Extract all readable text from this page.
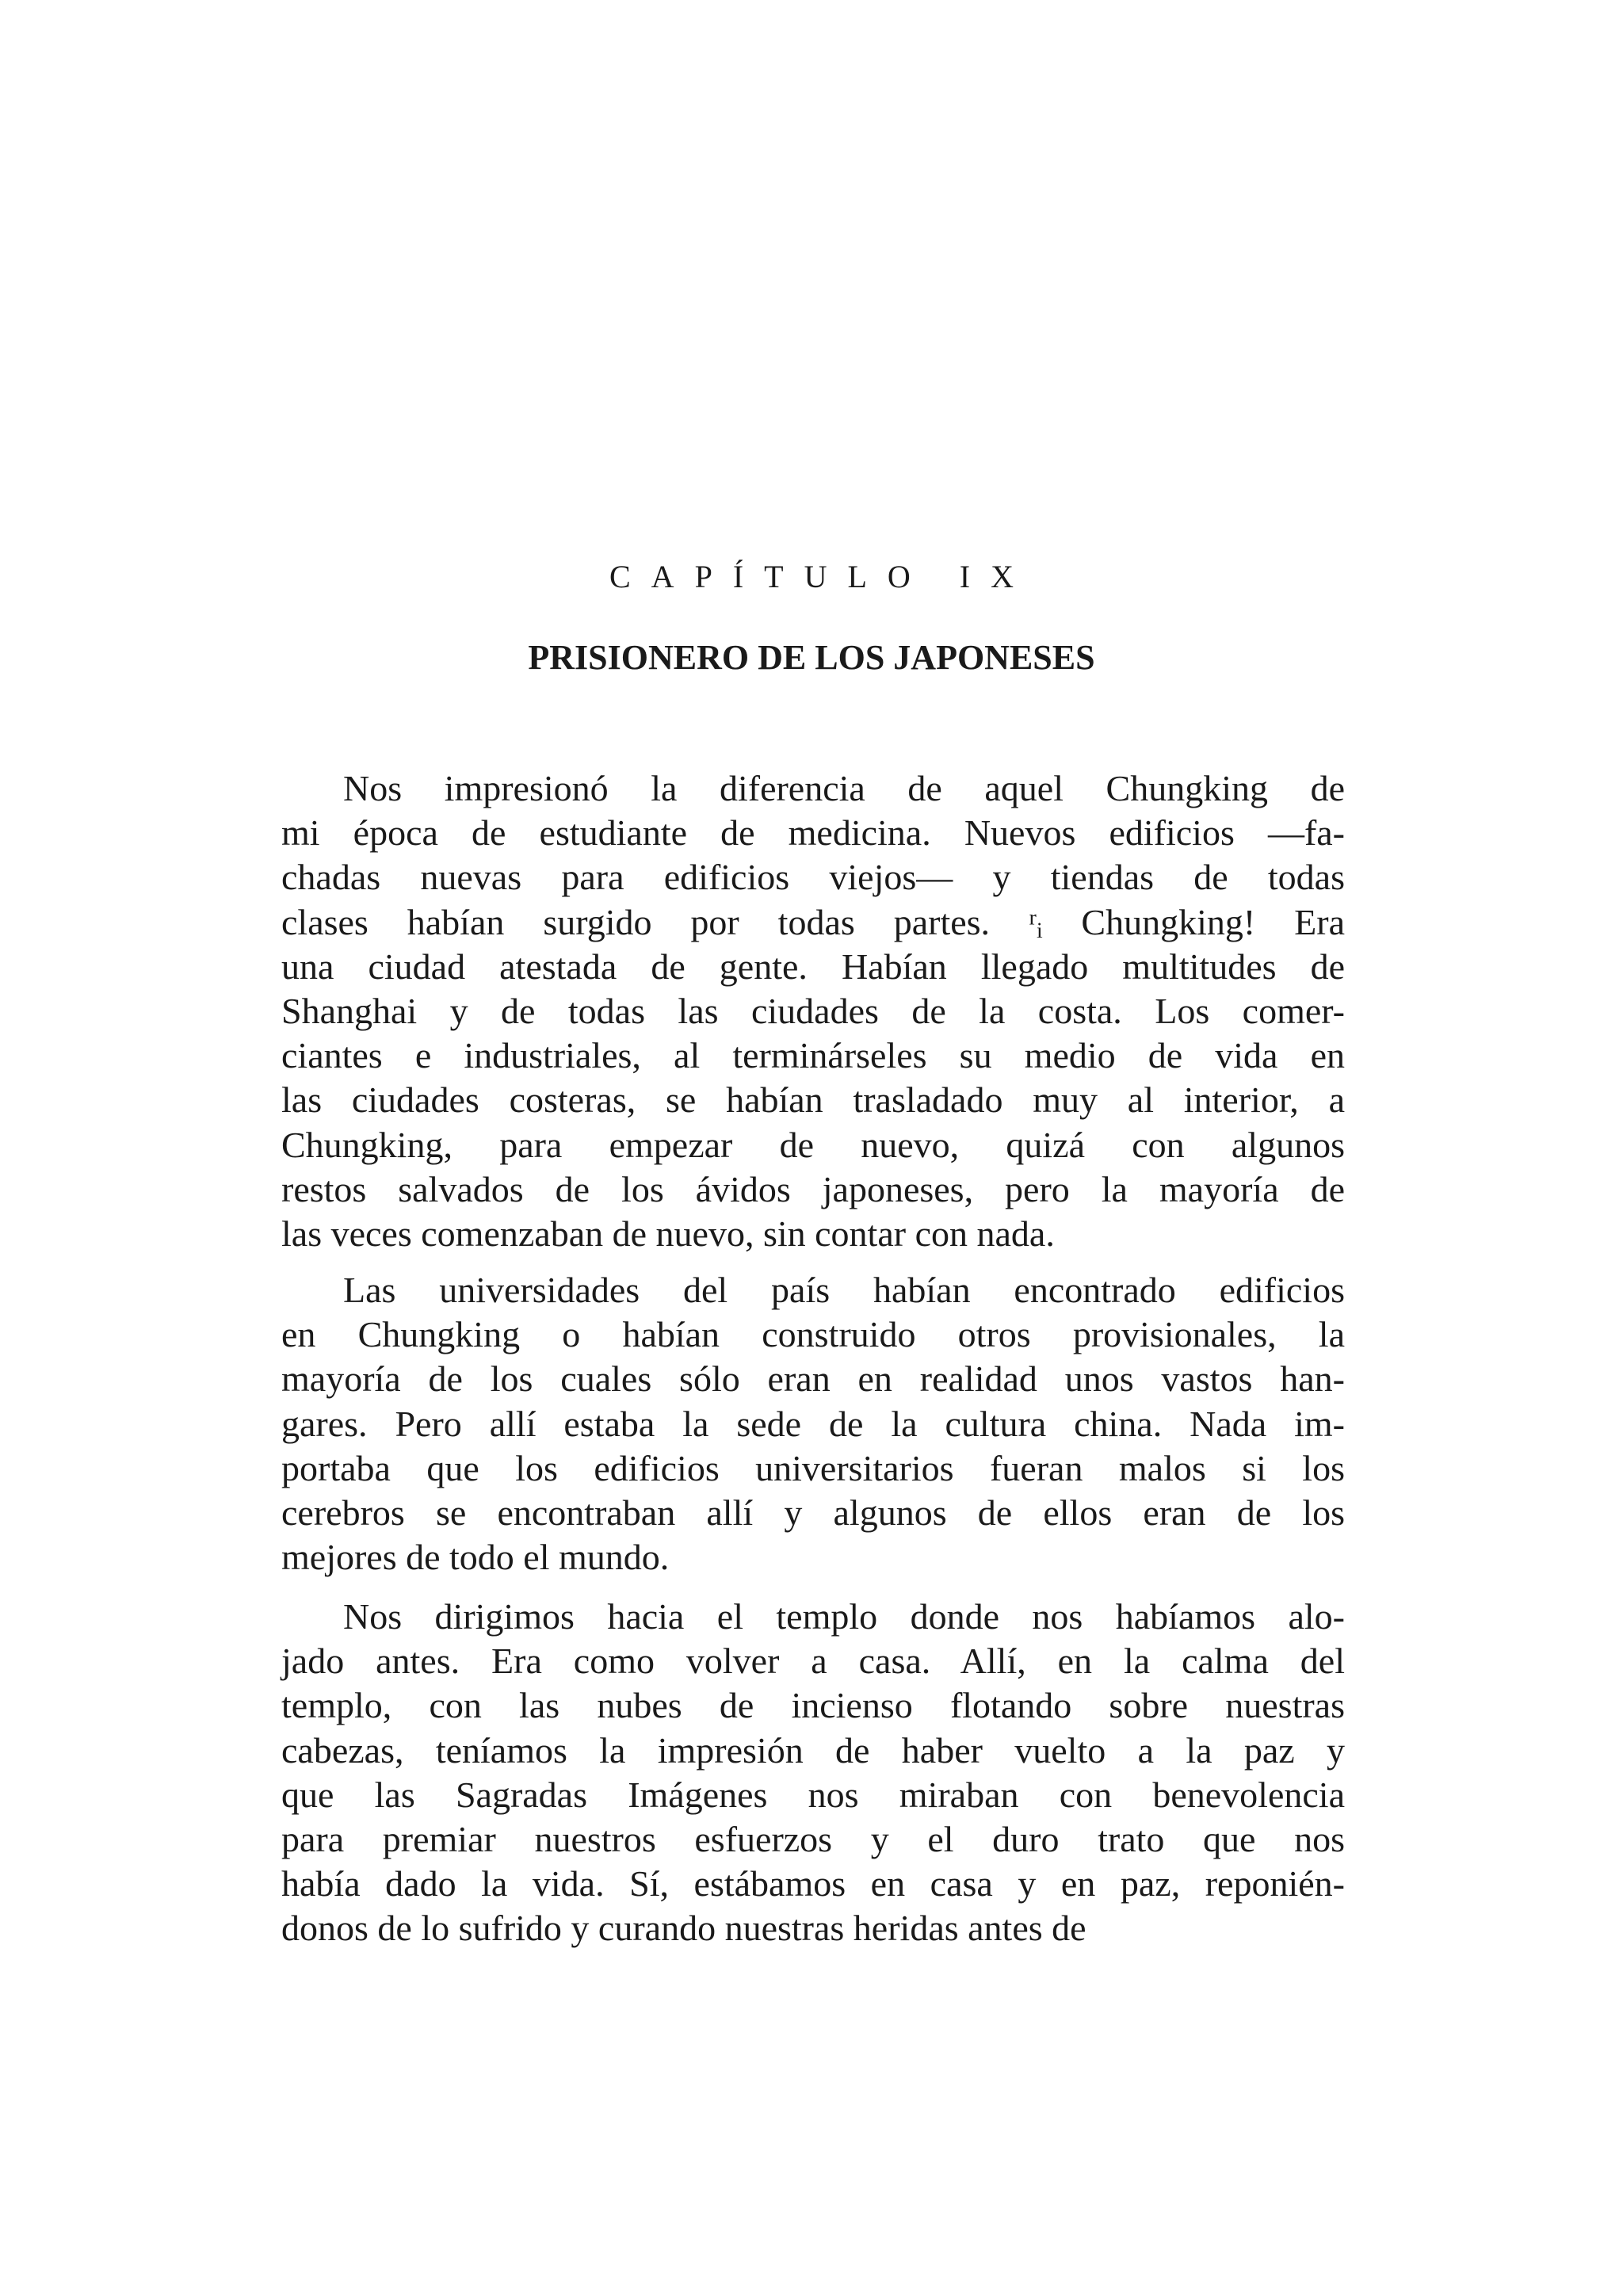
CAPÍTULO IX
PRISIONERO DE LOS JAPONESES
Nos impresionó la diferencia de aquel Chungking de
mi época de estudiante de medicina. Nuevos edificios —fa-
chadas nuevas para edificios viejos— y tiendas de todas
clases habían surgido por todas partes. ʳᵢ Chungking! Era
una ciudad atestada de gente. Habían llegado multitudes de
Shanghai y de todas las ciudades de la costa. Los comer-
ciantes e industriales, al terminárseles su medio de vida en
las ciudades costeras, se habían trasladado muy al interior, a
Chungking, para empezar de nuevo, quizá con algunos
restos salvados de los ávidos japoneses, pero la mayoría de
las veces comenzaban de nuevo, sin contar con nada.
Las universidades del país habían encontrado edificios
en Chungking o habían construido otros provisionales, la
mayoría de los cuales sólo eran en realidad unos vastos han-
gares. Pero allí estaba la sede de la cultura china. Nada im-
portaba que los edificios universitarios fueran malos si los
cerebros se encontraban allí y algunos de ellos eran de los
mejores de todo el mundo.
Nos dirigimos hacia el templo donde nos habíamos alo-
jado antes. Era como volver a casa. Allí, en la calma del
templo, con las nubes de incienso flotando sobre nuestras
cabezas, teníamos la impresión de haber vuelto a la paz y
que las Sagradas Imágenes nos miraban con benevolencia
para premiar nuestros esfuerzos y el duro trato que nos
había dado la vida. Sí, estábamos en casa y en paz, reponién-
donos de lo sufrido y curando nuestras heridas antes de
